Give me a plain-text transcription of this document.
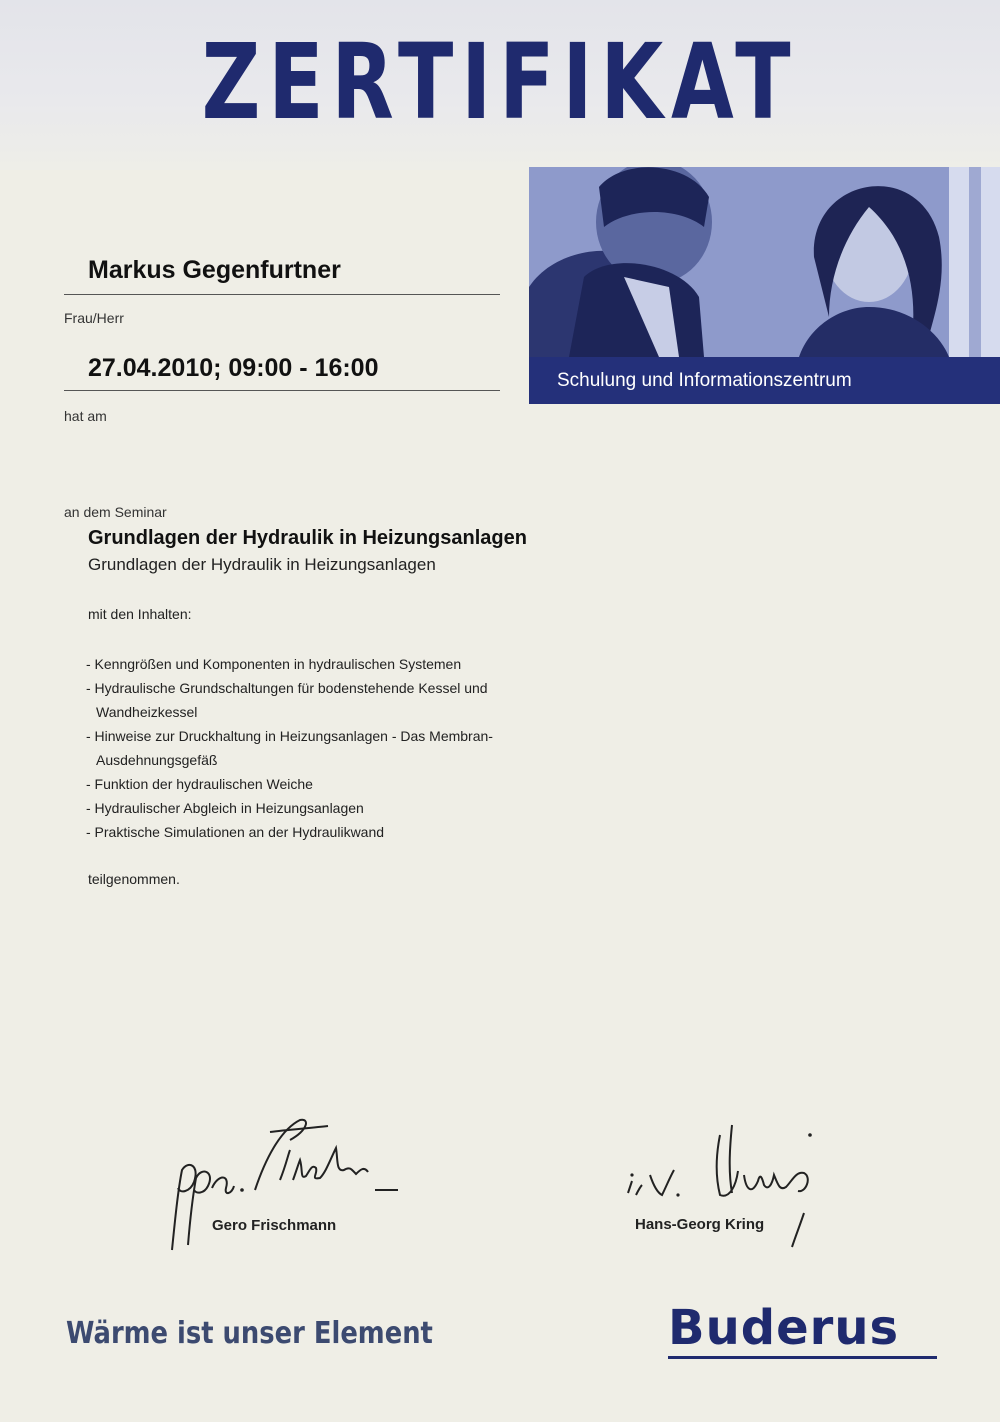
ZERTIFIKAT
Schulung und Informationszentrum
Markus Gegenfurtner
Frau/Herr
27.04.2010; 09:00 - 16:00
hat am
an dem Seminar
Grundlagen der Hydraulik in Heizungsanlagen
Grundlagen der Hydraulik in Heizungsanlagen
mit den Inhalten:
- Kenngrößen und Komponenten in hydraulischen Systemen
- Hydraulische Grundschaltungen für bodenstehende Kessel und Wandheizkessel
- Hinweise zur Druckhaltung in Heizungsanlagen - Das Membran-Ausdehnungsgefäß
- Funktion der hydraulischen Weiche
- Hydraulischer Abgleich in Heizungsanlagen
- Praktische Simulationen an der Hydraulikwand
teilgenommen.
Gero Frischmann	Hans-Georg Kring
Wärme ist unser Element	Buderus
